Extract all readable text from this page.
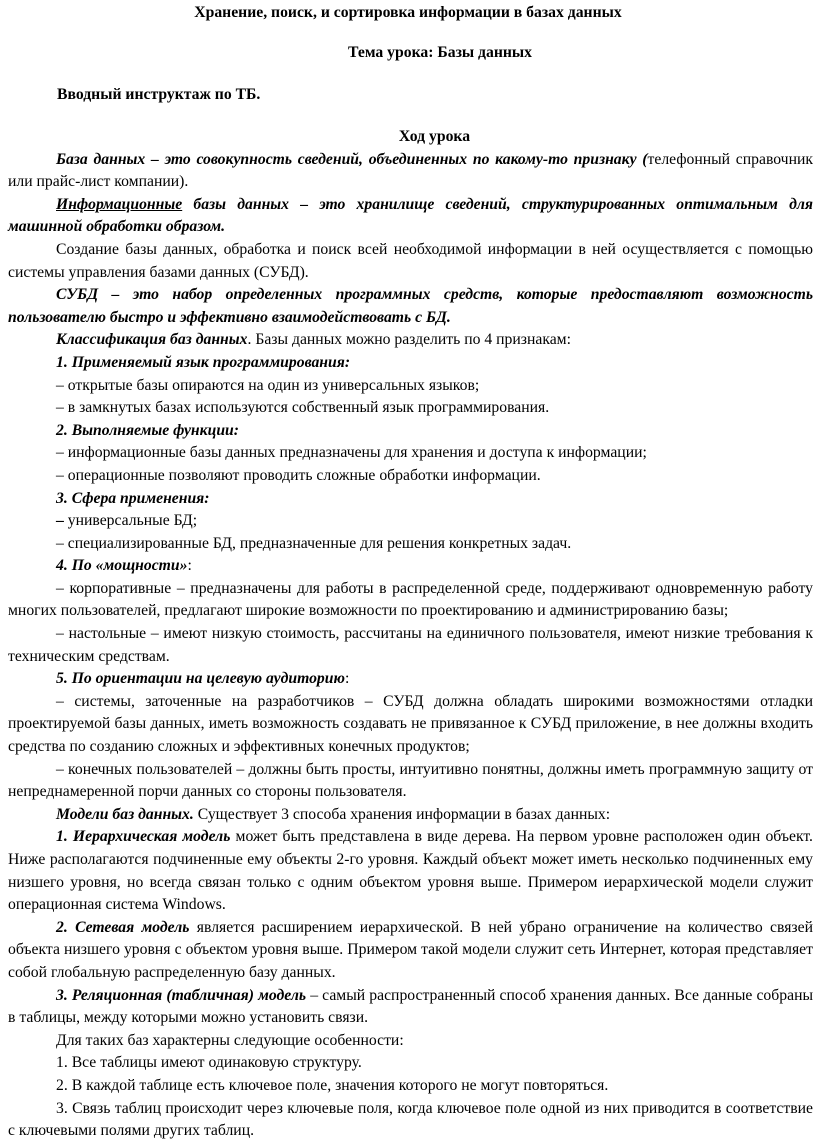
Хранение, поиск, и сортировка информации в базах данных
Тема урока: Базы данных
Вводный инструктаж по ТБ.

Ход урока

База данных – это совокупность сведений, объединенных по какому-то признаку (телефонный справочник или прайс-лист компании).

Информационные базы данных – это хранилище сведений, структурированных оптимальным для машинной обработки образом.

Создание базы данных, обработка и поиск всей необходимой информации в ней осуществляется с помощью системы управления базами данных (СУБД).

СУБД – это набор определенных программных средств, которые предоставляют возможность пользователю быстро и эффективно взаимодействовать с БД.

Классификация баз данных. Базы данных можно разделить по 4 признакам:

1. Применяемый язык программирования:

– открытые базы опираются на один из универсальных языков;

– в замкнутых базах используются собственный язык программирования.

2. Выполняемые функции:

– информационные базы данных предназначены для хранения и доступа к информации;

– операционные позволяют проводить сложные обработки информации.

3. Сфера применения:

– универсальные БД;

– специализированные БД, предназначенные для решения конкретных задач.

4. По «мощности»:

– корпоративные – предназначены для работы в распределенной среде, поддерживают одновременную работу многих пользователей, предлагают широкие возможности по проектированию и администрированию базы;

– настольные – имеют низкую стоимость, рассчитаны на единичного пользователя, имеют низкие требования к техническим средствам.

5. По ориентации на целевую аудиторию:

– системы, заточенные на разработчиков – СУБД должна обладать широкими возможностями отладки проектируемой базы данных, иметь возможность создавать не привязанное к СУБД приложение, в нее должны входить средства по созданию сложных и эффективных конечных продуктов;

– конечных пользователей – должны быть просты, интуитивно понятны, должны иметь программную защиту от непреднамеренной порчи данных со стороны пользователя.

Модели баз данных. Существует 3 способа хранения информации в базах данных:

1. Иерархическая модель может быть представлена в виде дерева. На первом уровне расположен один объект. Ниже располагаются подчиненные ему объекты 2-го уровня. Каждый объект может иметь несколько подчиненных ему низшего уровня, но всегда связан только с одним объектом уровня выше. Примером иерархической модели служит операционная система Windows.

2. Сетевая модель является расширением иерархической. В ней убрано ограничение на количество связей объекта низшего уровня с объектом уровня выше. Примером такой модели служит сеть Интернет, которая представляет собой глобальную распределенную базу данных.

3. Реляционная (табличная) модель – самый распространенный способ хранения данных. Все данные собраны в таблицы, между которыми можно установить связи.

Для таких баз характерны следующие особенности:

1. Все таблицы имеют одинаковую структуру.

2. В каждой таблице есть ключевое поле, значения которого не могут повторяться.

3. Связь таблиц происходит через ключевые поля, когда ключевое поле одной из них приводится в соответствие с ключевыми полями других таблиц.
